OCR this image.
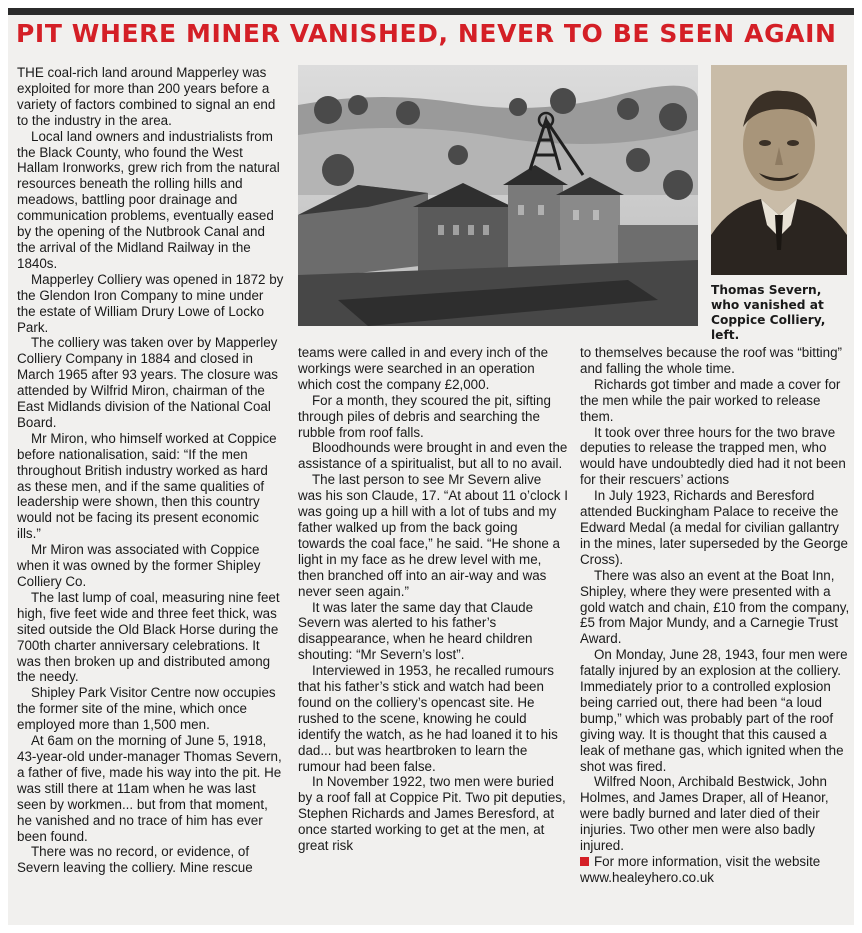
PIT WHERE MINER VANISHED, NEVER TO BE SEEN AGAIN

THE coal-rich land around Mapperley was exploited for more than 200 years before a variety of factors combined to signal an end to the industry in the area.

Local land owners and industrialists from the Black County, who found the West Hallam Ironworks, grew rich from the natural resources beneath the rolling hills and meadows, battling poor drainage and communication problems, eventually eased by the opening of the Nutbrook Canal and the arrival of the Midland Railway in the 1840s.

Mapperley Colliery was opened in 1872 by the Glendon Iron Company to mine under the estate of William Drury Lowe of Locko Park.

The colliery was taken over by Mapperley Colliery Company in 1884 and closed in March 1965 after 93 years. The closure was attended by Wilfrid Miron, chairman of the East Midlands division of the National Coal Board.

Mr Miron, who himself worked at Coppice before nationalisation, said: “If the men throughout British industry worked as hard as these men, and if the same qualities of leadership were shown, then this country would not be facing its present economic ills.”

Mr Miron was associated with Coppice when it was owned by the former Shipley Colliery Co.

The last lump of coal, measuring nine feet high, five feet wide and three feet thick, was sited outside the Old Black Horse during the 700th charter anniversary celebrations. It was then broken up and distributed among the needy.

Shipley Park Visitor Centre now occupies the former site of the mine, which once employed more than 1,500 men.

At 6am on the morning of June 5, 1918, 43-year-old under-manager Thomas Severn, a father of five, made his way into the pit. He was still there at 11am when he was last seen by workmen... but from that moment, he vanished and no trace of him has ever been found.

There was no record, or evidence, of Severn leaving the colliery. Mine rescue

Thomas Severn, who vanished at Coppice Colliery, left.

teams were called in and every inch of the workings were searched in an operation which cost the company £2,000.

For a month, they scoured the pit, sifting through piles of debris and searching the rubble from roof falls.

Bloodhounds were brought in and even the assistance of a spiritualist, but all to no avail.

The last person to see Mr Severn alive was his son Claude, 17. “At about 11 o’clock I was going up a hill with a lot of tubs and my father walked up from the back going towards the coal face,” he said. “He shone a light in my face as he drew level with me, then branched off into an air-way and was never seen again.”

It was later the same day that Claude Severn was alerted to his father’s disappearance, when he heard children shouting: “Mr Severn’s lost”.

Interviewed in 1953, he recalled rumours that his father’s stick and watch had been found on the colliery’s opencast site. He rushed to the scene, knowing he could identify the watch, as he had loaned it to his dad... but was heartbroken to learn the rumour had been false.

In November 1922, two men were buried by a roof fall at Coppice Pit. Two pit deputies, Stephen Richards and James Beresford, at once started working to get at the men, at great risk

to themselves because the roof was “bitting” and falling the whole time.

Richards got timber and made a cover for the men while the pair worked to release them.

It took over three hours for the two brave deputies to release the trapped men, who would have undoubtedly died had it not been for their rescuers’ actions

In July 1923, Richards and Beresford attended Buckingham Palace to receive the Edward Medal (a medal for civilian gallantry in the mines, later superseded by the George Cross).

There was also an event at the Boat Inn, Shipley, where they were presented with a gold watch and chain, £10 from the company, £5 from Major Mundy, and a Carnegie Trust Award.

On Monday, June 28, 1943, four men were fatally injured by an explosion at the colliery. Immediately prior to a controlled explosion being carried out, there had been “a loud bump,” which was probably part of the roof giving way. It is thought that this caused a leak of methane gas, which ignited when the shot was fired.

Wilfred Noon, Archibald Bestwick, John Holmes, and James Draper, all of Heanor, were badly burned and later died of their injuries. Two other men were also badly injured.

For more information, visit the website www.healeyhero.co.uk
